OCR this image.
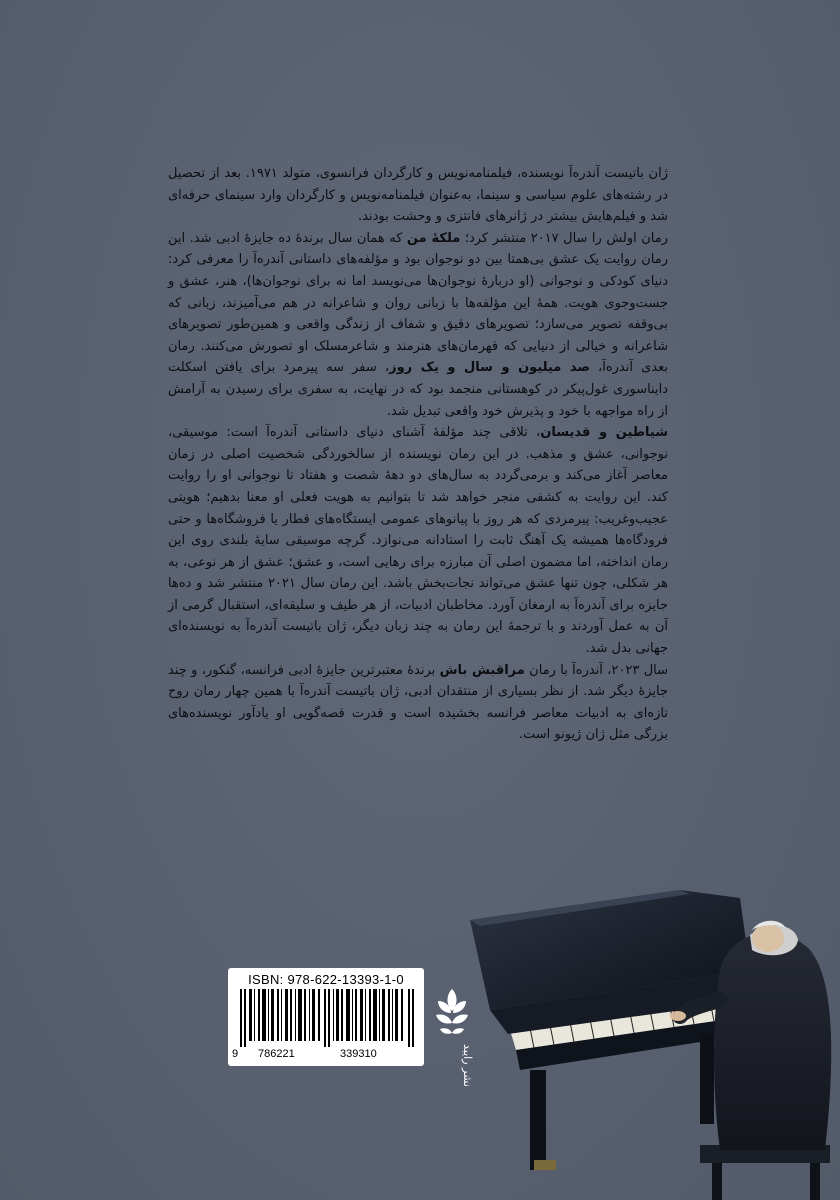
ژان باتیست آندره‌آ نویسنده، فیلمنامه‌نویس و کارگردان فرانسوی، متولد ۱۹۷۱. بعد از تحصیل در رشته‌های علوم سیاسی و سینما، به‌عنوان فیلمنامه‌نویس و کارگردان وارد سینمای حرفه‌ای شد و فیلم‌هایش بیشتر در ژانرهای فانتزی و وحشت بودند.

رمان اولش را سال ۲۰۱۷ منتشر کرد؛ ملکهٔ من که همان سال برندهٔ ده جایزهٔ ادبی شد. این رمان روایت یک عشق بی‌همتا بین دو نوجوان بود و مؤلفه‌های داستانی آندره‌آ را معرفی کرد: دنیای کودکی و نوجوانی (او دربارهٔ نوجوان‌ها می‌نویسد اما نه برای نوجوان‌ها)، هنر، عشق و جست‌وجوی هویت. همهٔ این مؤلفه‌ها با زبانی روان و شاعرانه در هم می‌آمیزند، زبانی که بی‌وقفه تصویر می‌سازد؛ تصویرهای دقیق و شفاف از زندگی واقعی و همین‌طور تصویرهای شاعرانه و خیالی از دنیایی که قهرمان‌های هنرمند و شاعرمسلک او تصورش می‌کنند. رمان بعدی آندره‌آ، صد میلیون و سال و یک روز، سفر سه پیرمرد برای یافتن اسکلت دایناسوری غول‌پیکر در کوهستانی منجمد بود که در نهایت، به سفری برای رسیدن به آرامش از راه مواجهه با خود و پذیرش خود واقعی تبدیل شد.

شیاطین و قدیسان، تلاقی چند مؤلفهٔ آشنای دنیای داستانی آندره‌آ است: موسیقی، نوجوانی، عشق و مذهب. در این رمان نویسنده از سالخوردگی شخصیت اصلی در زمان معاصر آغاز می‌کند و برمی‌گردد به سال‌های دو دههٔ شصت و هفتاد تا نوجوانی او را روایت کند. این روایت به کشفی منجر خواهد شد تا بتوانیم به هویت فعلی او معنا بدهیم؛ هویتی عجیب‌وغریب: پیرمردی که هر روز با پیانوهای عمومی ایستگاه‌های قطار یا فروشگاه‌ها و حتی فرودگاه‌ها همیشه یک آهنگ ثابت را استادانه می‌نوازد. گرچه موسیقی سایهٔ بلندی روی این رمان انداخته، اما مضمون اصلی آن مبارزه برای رهایی است، و عشق؛ عشق از هر نوعی، به هر شکلی، چون تنها عشق می‌تواند نجات‌بخش باشد. این رمان سال ۲۰۲۱ منتشر شد و ده‌ها جایزه برای آندره‌آ به ارمغان آورد. مخاطبان ادبیات، از هر طیف و سلیقه‌ای، استقبال گرمی از آن به عمل آوردند و با ترجمهٔ این رمان به چند زبان دیگر، ژان باتیست آندره‌آ به نویسنده‌ای جهانی بدل شد.

سال ۲۰۲۳، آندره‌آ با رمان مراقبش باش برندهٔ معتبرترین جایزهٔ ادبی فرانسه، گنکور، و چند جایزهٔ دیگر شد. از نظر بسیاری از منتقدان ادبی، ژان باتیست آندره‌آ با همین چهار رمان روح تازه‌ای به ادبیات معاصر فرانسه بخشیده است و قدرت قصه‌گویی او یادآور نویسنده‌های بزرگی مثل ژان ژیونو است.

ISBN: 978-622-13393-1-0
9 786221	339310	نشر رایبد
